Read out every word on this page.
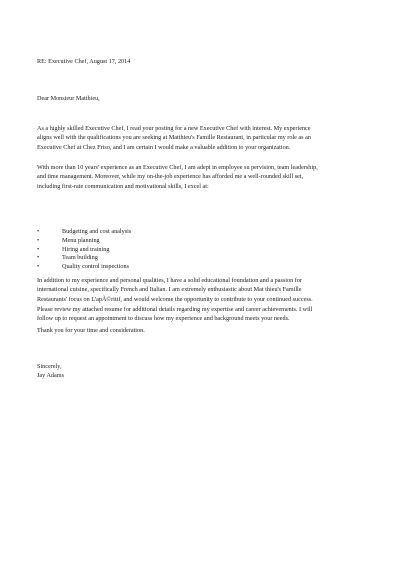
RE: Executive Chef, August 17, 2014
Dear Monsieur Matthieu,
As a highly skilled Executive Chef, I read your posting for a new Executive Chef with interest. My experience
aligns well with the qualifications you are seeking at Matthieu's Famille Restaurant, in particular my role as an
Executive Chef at Chez Friso, and I am certain I would make a valuable addition to your organization.
With more than 10 years' experience as an Executive Chef, I am adept in employee su pervision, team leadership,
and time management. Moreover, while my on-the-job experience has afforded me a well-rounded skill set,
including first-rate communication and motivational skills, I excel at:
•	Budgeting and cost analysis
•	Menu planning
•	Hiring and training
•	Team building
•	Quality control inspections
In addition to my experience and personal qualities, I have a solid educational foundation and a passion for
international cuisine, specifically French and Italian. I am extremely enthusiastic about Mat thieu's Famille
Restaurants' focus on L'apÃ©ritif, and would welcome the opportunity to contribute to your continued success.
Please review my attached resume for additional details regarding my expertise and career achievements. I will
follow up to request an appointment to discuss how my experience and background meets your needs.
Thank you for your time and consideration.
Sincerely,
Jay Adams
